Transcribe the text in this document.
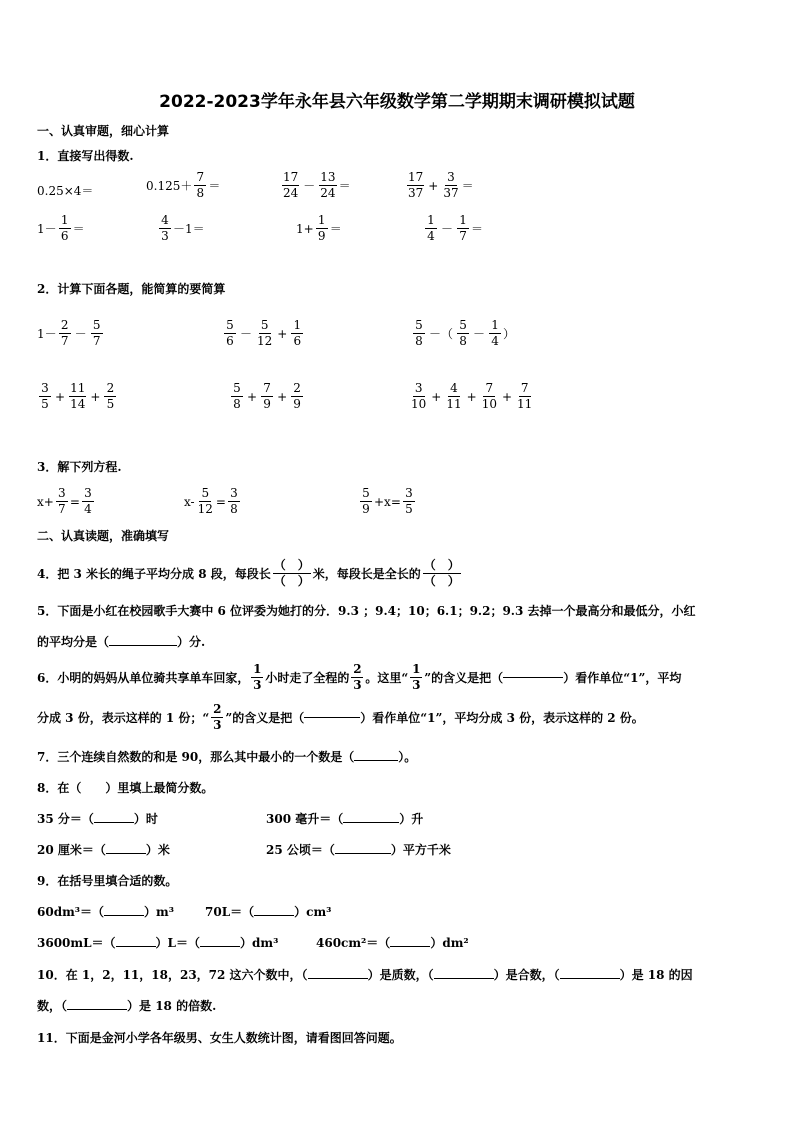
2022-2023学年永年县六年级数学第二学期期末调研模拟试题
一、认真审题，细心计算
1．直接写出得数.
0.25×4＝	$0.125+ \frac{7}{8}$ ＝	$\frac{17}{24} - \frac{13}{24}$ ＝	$\frac{17}{37} + \frac{3}{37}$ ＝
$1- \frac{1}{6}$ ＝	$\frac{4}{3} -1=$	$1+ \frac{1}{9}$ ＝	$\frac{1}{4} - \frac{1}{7}$ ＝
2．计算下面各题，能简算的要简算
$1- \frac{2}{7} - \frac{5}{7}$	$\frac{5}{6} - \frac{5}{12} + \frac{1}{6}$	$\frac{5}{8}$ －（ $\frac{5}{8} - \frac{1}{4}$ ）
$\frac{3}{5} + \frac{11}{14} + \frac{2}{5}$	$\frac{5}{8} + \frac{7}{9} + \frac{2}{9}$	$\frac{3}{10} + \frac{4}{11} + \frac{7}{10} + \frac{7}{11}$
3．解下列方程.
$x+ \frac{3}{7} = \frac{3}{4}$	$x- \frac{5}{12} = \frac{3}{8}$	$\frac{5}{9} +x= \frac{3}{5}$
二、认真读题，准确填写
4．把 3 米长的绳子平均分成 8 段，每段长 $\frac{( )}{( )}$ 米，每段长是全长的 $\frac{( )}{( )}$
5．下面是小红在校园歌手大赛中 6 位评委为她打的分．9.3 ；9.4；10；6.1；9.2；9.3 去掉一个最高分和最低分，小红
的平均分是（	）分.
6．小明的妈妈从单位骑共享单车回家， $\frac{1}{3}$ 小时走了全程的 $\frac{2}{3}$ 。这里“ $\frac{1}{3}$ ”的含义是把（	）看作单位“1”，平均
分成 3 份，表示这样的 1 份；“ $\frac{2}{3}$ ”的含义是把（	）看作单位“1”，平均分成 3 份，表示这样的 2 份。
7．三个连续自然数的和是 90，那么其中最小的一个数是（	）。
8．在（　　）里填上最简分数。
35 分＝（	）时	300 毫升＝（	）升
20 厘米＝（	）米	25 公顷＝（	）平方千米
9．在括号里填合适的数。
60dm³＝（	）m³	70L＝（	）cm³
3600mL＝（	）L＝（	）dm³	460cm²＝（	）dm²
10．在 1，2，11，18，23，72 这六个数中，（	）是质数，（	）是合数，（	）是 18 的因
数，（	）是 18 的倍数.
11．下面是金河小学各年级男、女生人数统计图，请看图回答问题。
